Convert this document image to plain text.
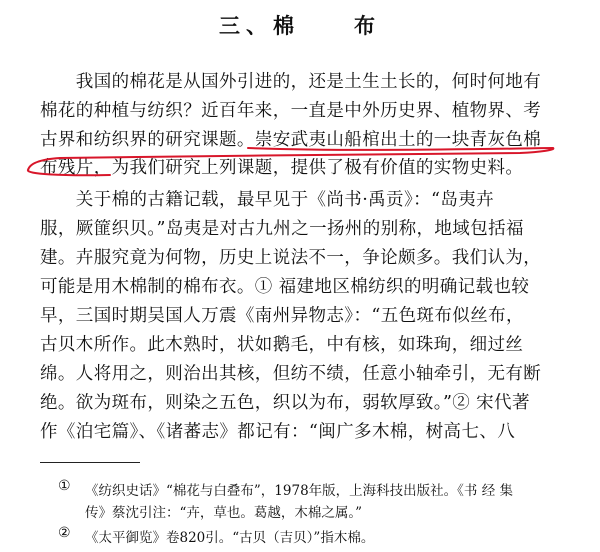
三、棉　　布
　　我国的棉花是从国外引进的，还是土生土长的，何时何地有
棉花的种植与纺织？近百年来，一直是中外历史界、植物界、考
古界和纺织界的研究课题。崇安武夷山船棺出土的一块青灰色棉
布残片，为我们研究上列课题，提供了极有价值的实物史料。
　　关于棉的古籍记载，最早见于《尚书·禹贡》：“岛夷卉
服，厥篚织贝。”岛夷是对古九州之一扬州的别称，地域包括福
建。卉服究竟为何物，历史上说法不一，争论颇多。我们认为，
可能是用木棉制的棉布衣。① 福建地区棉纺织的明确记载也较
早，三国时期吴国人万震《南州异物志》：“五色斑布似丝布，
古贝木所作。此木熟时，状如鹅毛，中有核，如珠珣，细过丝
绵。人将用之，则治出其核，但纺不绩，任意小轴牵引，无有断
绝。欲为斑布，则染之五色，织以为布，弱软厚致。”② 宋代著
作《泊宅篇》、《诸蕃志》都记有：“闽广多木棉，树高七、八
① 《纺织史话》“棉花与白叠布”，1978年版，上海科技出版社。《书 经 集
传》蔡沈引注：“卉，草也。葛越，木棉之属。”
② 《太平御览》卷820引。“古贝（吉贝）”指木棉。
